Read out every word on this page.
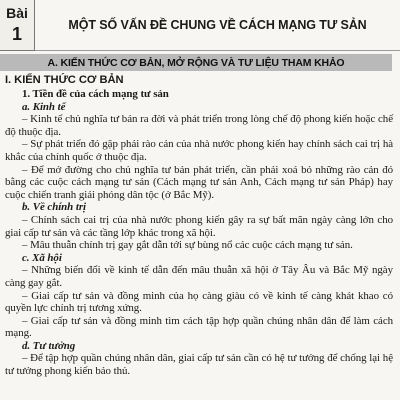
Bài
1	MỘT SỐ VẤN ĐỀ CHUNG VỀ CÁCH MẠNG TƯ SẢN
A. KIẾN THỨC CƠ BẢN, MỞ RỘNG VÀ TƯ LIỆU THAM KHẢO

I. KIẾN THỨC CƠ BẢN

1. Tiền đề của cách mạng tư sản

a. Kinh tế

– Kinh tế chủ nghĩa tư bản ra đời và phát triển trong lòng chế độ phong kiến hoặc chế độ thuộc địa.

– Sự phát triển đó gặp phải rào cản của nhà nước phong kiến hay chính sách cai trị hà khắc của chính quốc ở thuộc địa.

– Để mở đường cho chủ nghĩa tư bản phát triển, cần phải xoá bỏ những rào cản đó bằng các cuộc cách mạng tư sản (Cách mạng tư sản Anh, Cách mạng tư sản Pháp) hay cuộc chiến tranh giải phóng dân tộc (ở Bắc Mỹ).

b. Về chính trị

– Chính sách cai trị của nhà nước phong kiến gây ra sự bất mãn ngày càng lớn cho giai cấp tư sản và các tầng lớp khác trong xã hội.

– Mâu thuẫn chính trị gay gắt dẫn tới sự bùng nổ các cuộc cách mạng tư sản.

c. Xã hội

– Những biến đổi về kinh tế dẫn đến mâu thuẫn xã hội ở Tây Âu và Bắc Mỹ ngày càng gay gắt.

– Giai cấp tư sản và đồng minh của họ càng giàu có về kinh tế càng khát khao có quyền lực chính trị tương xứng.

– Giai cấp tư sản và đồng minh tìm cách tập hợp quần chúng nhân dân để làm cách mạng.

d. Tư tưởng

– Để tập hợp quần chúng nhân dân, giai cấp tư sản cần có hệ tư tưởng để chống lại hệ tư tưởng phong kiến bảo thủ.
